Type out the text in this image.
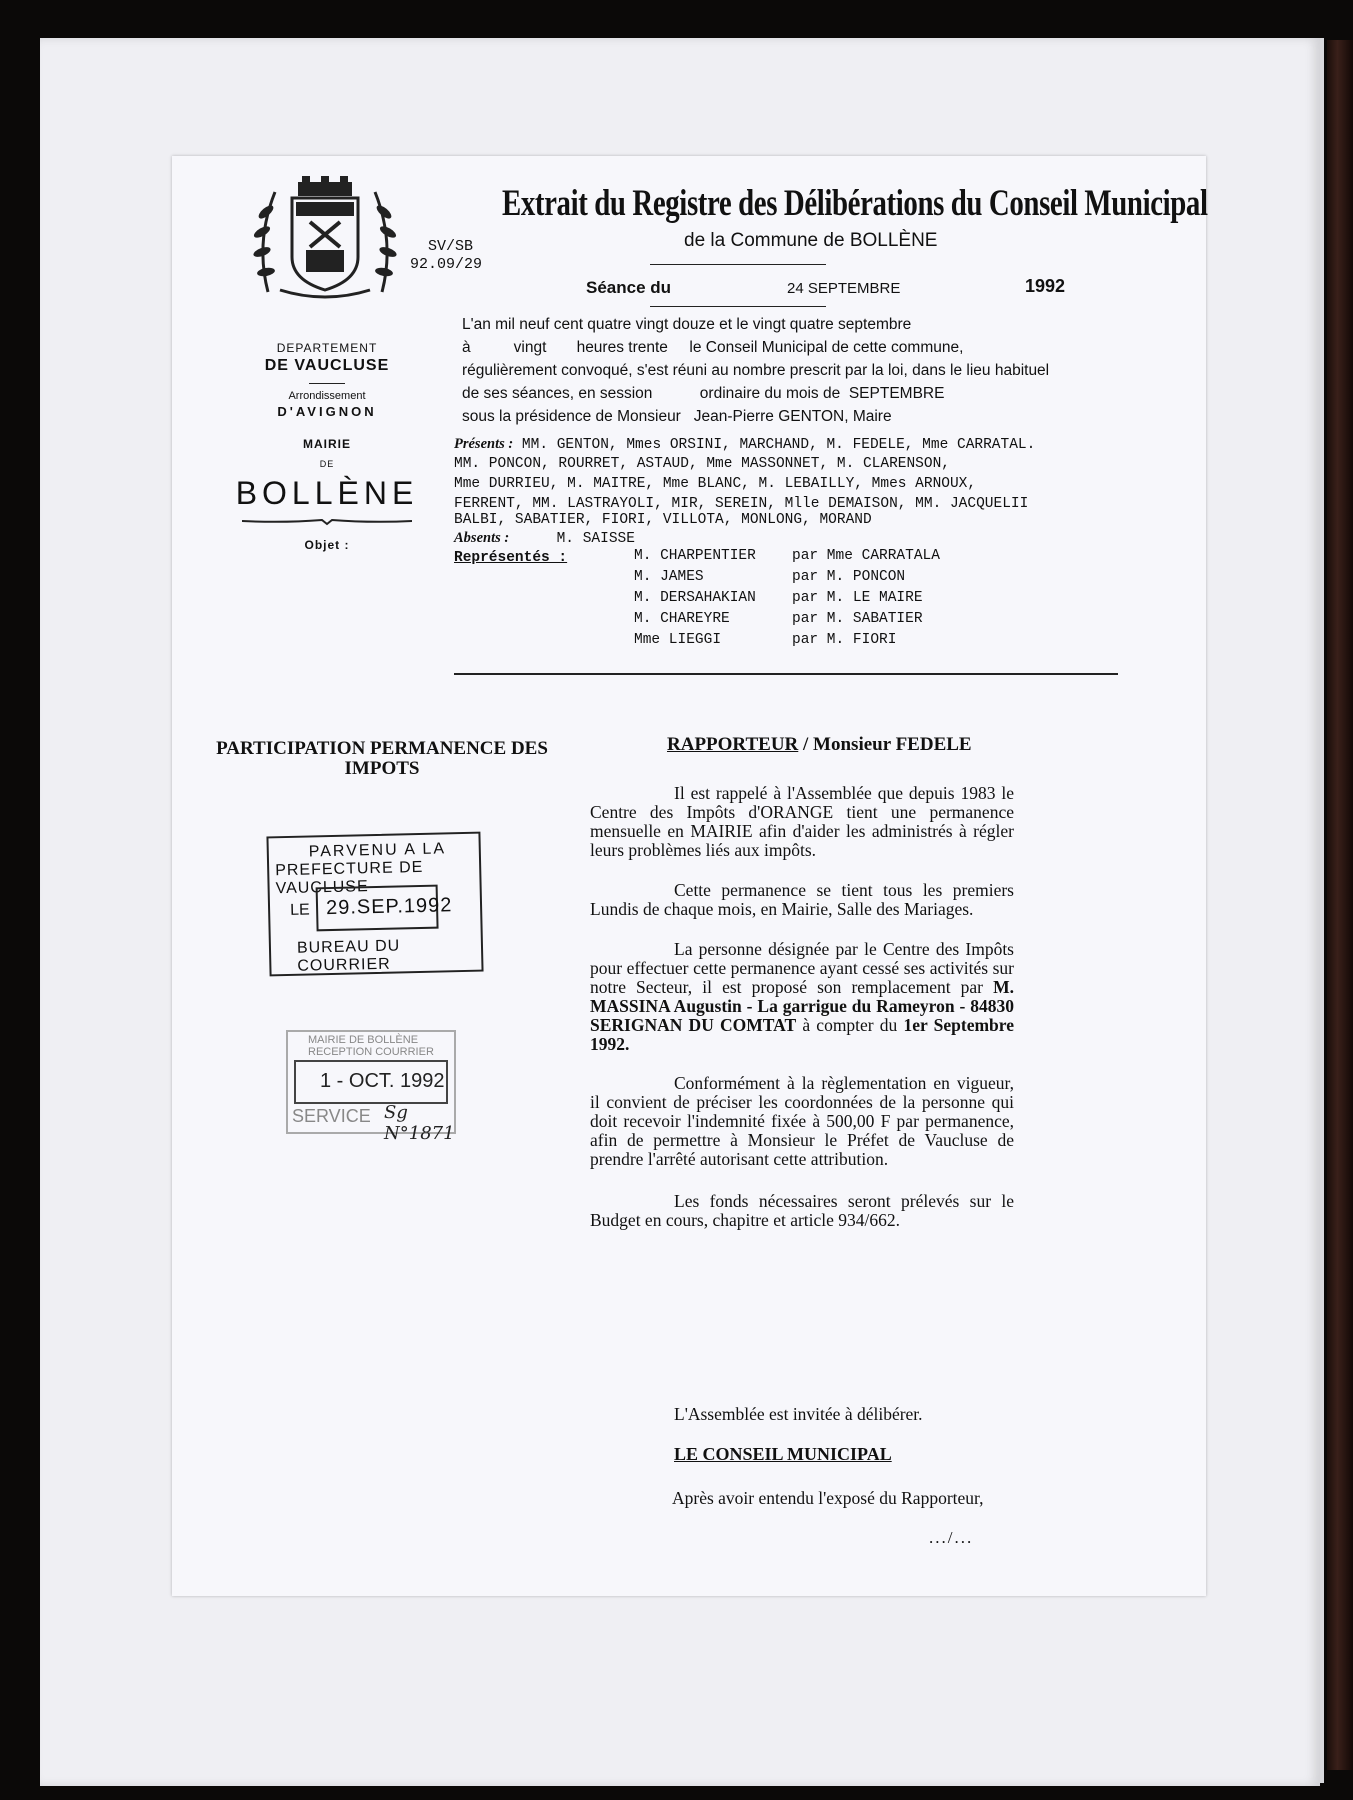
Extrait du Registre des Délibérations du Conseil Municipal
de la Commune de BOLLÈNE
SV/SB
92.09/29
Séance du	24 SEPTEMBRE	1992
DEPARTEMENT
DE VAUCLUSE
Arrondissement
D'AVIGNON
MAIRIE
DE
BOLLÈNE
Objet :
L'an mil neuf cent quatre vingt douze et le vingt quatre septembre
à          vingt       heures trente     le Conseil Municipal de cette commune,
régulièrement convoqué, s'est réuni au nombre prescrit par la loi, dans le lieu habituel
de ses séances, en session           ordinaire du mois de  SEPTEMBRE
sous la présidence de Monsieur   Jean-Pierre GENTON, Maire
Présents : MM. GENTON, Mmes ORSINI, MARCHAND, M. FEDELE, Mme CARRATAL.
MM. PONCON, ROURRET, ASTAUD, Mme MASSONNET, M. CLARENSON,
Mme DURRIEU, M. MAITRE, Mme BLANC, M. LEBAILLY, Mmes ARNOUX,
FERRENT, MM. LASTRAYOLI, MIR, SEREIN, Mlle DEMAISON, MM. JACQUELII
BALBI, SABATIER, FIORI, VILLOTA, MONLONG, MORAND
Absents :	M. SAISSE
Représentés :	M. CHARPENTIER par Mme CARRATALA
M. JAMES	par M. PONCON
M. DERSAHAKIAN par M. LE MAIRE
M. CHAREYRE	par M. SABATIER
Mme LIEGGI	par M. FIORI
PARTICIPATION PERMANENCE DES
IMPOTS
RAPPORTEUR / Monsieur FEDELE
Il est rappelé à l'Assemblée que depuis 1983 le Centre des Impôts d'ORANGE tient une permanence mensuelle en MAIRIE afin d'aider les administrés à régler leurs problèmes liés aux impôts.
Cette permanence se tient tous les premiers Lundis de chaque mois, en Mairie, Salle des Mariages.
La personne désignée par le Centre des Impôts pour effectuer cette permanence ayant cessé ses activités sur notre Secteur, il est proposé son remplacement par M. MASSINA Augustin - La garrigue du Rameyron - 84830 SERIGNAN DU COMTAT à compter du 1er Septembre 1992.
Conformément à la règlementation en vigueur, il convient de préciser les coordonnées de la personne qui doit recevoir l'indemnité fixée à 500,00 F par permanence, afin de permettre à Monsieur le Préfet de Vaucluse de prendre l'arrêté autorisant cette attribution.
Les fonds nécessaires seront prélevés sur le Budget en cours, chapitre et article 934/662.
L'Assemblée est invitée à délibérer.
LE CONSEIL MUNICIPAL
Après avoir entendu l'exposé du Rapporteur,
.../...
PARVENU A LA
PREFECTURE DE VAUCLUSE
LE 29.SEP.1992
BUREAU DU COURRIER
MAIRIE DE BOLLÈNE
RECEPTION COURRIER
1 - OCT. 1992
SERVICE Sg N°1871
